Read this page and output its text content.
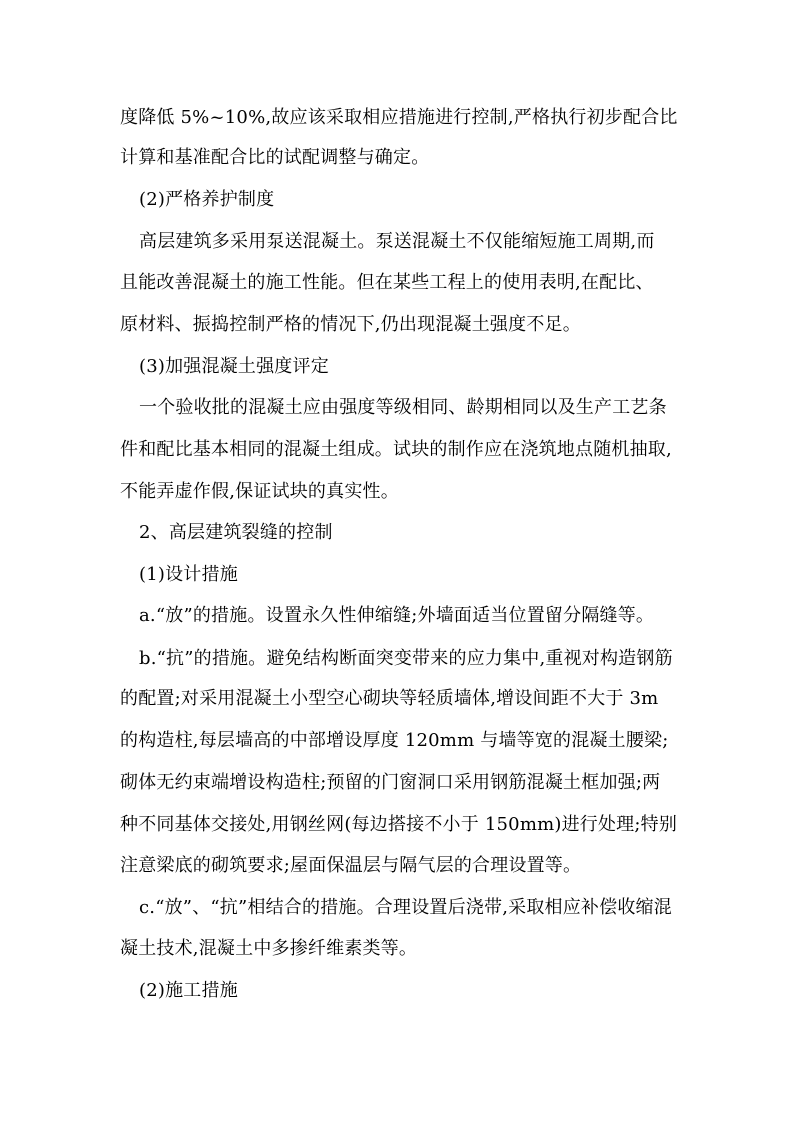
度降低 5%~10%,故应该采取相应措施进行控制,严格执行初步配合比
计算和基准配合比的试配调整与确定。
(2)严格养护制度
高层建筑多采用泵送混凝土。泵送混凝土不仅能缩短施工周期,而
且能改善混凝土的施工性能。但在某些工程上的使用表明,在配比、
原材料、振捣控制严格的情况下,仍出现混凝土强度不足。
(3)加强混凝土强度评定
一个验收批的混凝土应由强度等级相同、龄期相同以及生产工艺条
件和配比基本相同的混凝土组成。试块的制作应在浇筑地点随机抽取,
不能弄虚作假,保证试块的真实性。
2、高层建筑裂缝的控制
(1)设计措施
a.“放”的措施。设置永久性伸缩缝;外墙面适当位置留分隔缝等。
b.“抗”的措施。避免结构断面突变带来的应力集中,重视对构造钢筋
的配置;对采用混凝土小型空心砌块等轻质墙体,增设间距不大于 3m
的构造柱,每层墙高的中部增设厚度 120mm 与墙等宽的混凝土腰梁;
砌体无约束端增设构造柱;预留的门窗洞口采用钢筋混凝土框加强;两
种不同基体交接处,用钢丝网(每边搭接不小于 150mm)进行处理;特别
注意梁底的砌筑要求;屋面保温层与隔气层的合理设置等。
c.“放”、“抗”相结合的措施。合理设置后浇带,采取相应补偿收缩混
凝土技术,混凝土中多掺纤维素类等。
(2)施工措施
